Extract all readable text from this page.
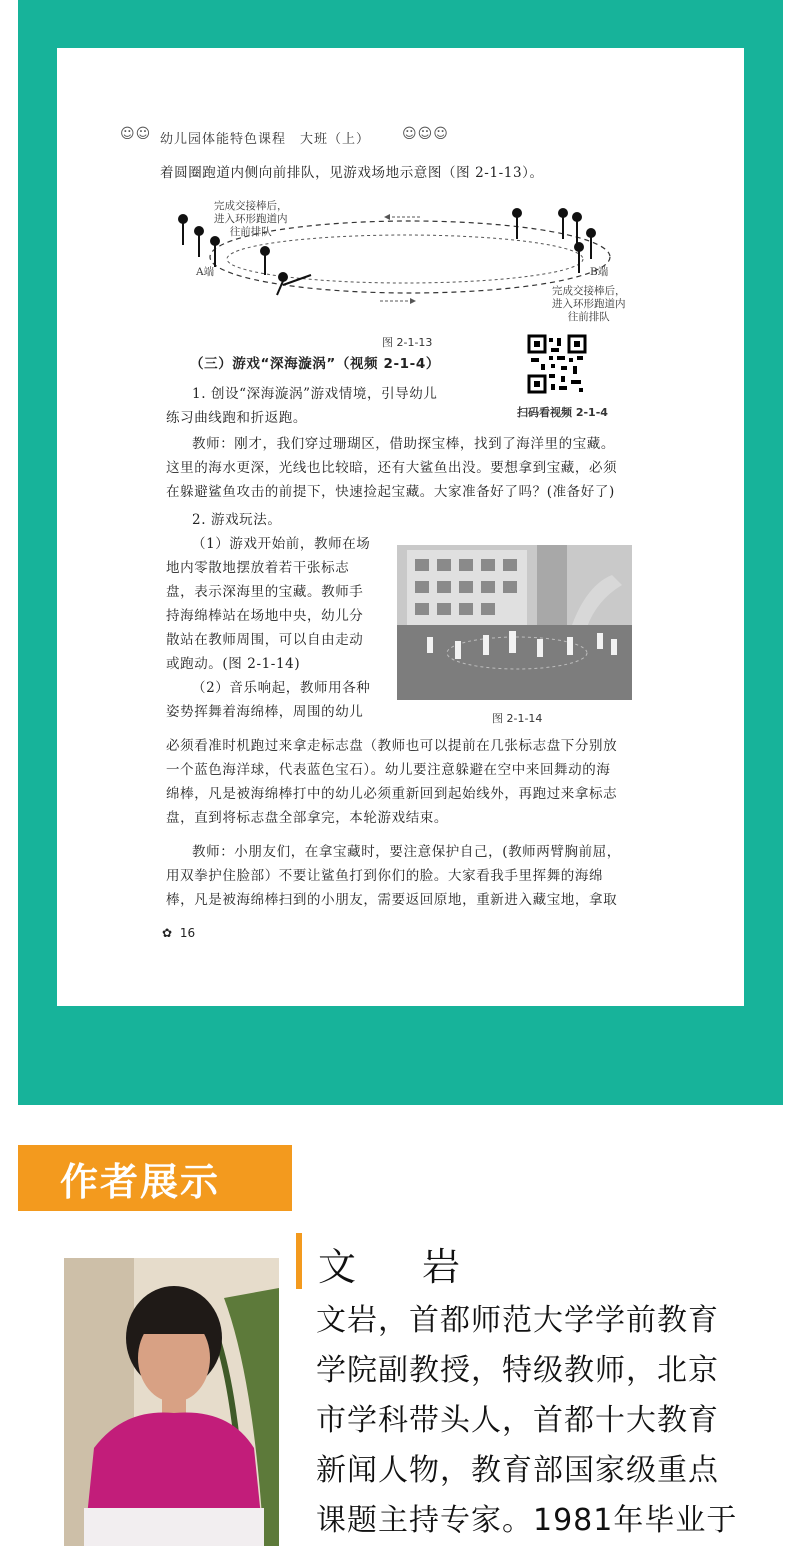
☺☺ 幼儿园体能特色课程　大班（上） ☺☺☺
着圆圈跑道内侧向前排队，见游戏场地示意图（图 2-1-13）。
完成交接棒后，
进入环形跑道内
往前排队
A端	B端
完成交接棒后，
进入环形跑道内
往前排队
图 2-1-13
（三）游戏“深海漩涡”（视频 2-1-4）
扫码看视频 2-1-4
1. 创设“深海漩涡”游戏情境，引导幼儿
练习曲线跑和折返跑。
教师：刚才，我们穿过珊瑚区，借助探宝棒，找到了海洋里的宝藏。
这里的海水更深，光线也比较暗，还有大鲨鱼出没。要想拿到宝藏，必须
在躲避鲨鱼攻击的前提下，快速捡起宝藏。大家准备好了吗？(准备好了)
2. 游戏玩法。
（1）游戏开始前，教师在场
地内零散地摆放着若干张标志
盘，表示深海里的宝藏。教师手
持海绵棒站在场地中央，幼儿分
散站在教师周围，可以自由走动
或跑动。(图 2-1-14)
（2）音乐响起，教师用各种
姿势挥舞着海绵棒，周围的幼儿	图 2-1-14
必须看准时机跑过来拿走标志盘（教师也可以提前在几张标志盘下分别放
一个蓝色海洋球，代表蓝色宝石）。幼儿要注意躲避在空中来回舞动的海
绵棒，凡是被海绵棒打中的幼儿必须重新回到起始线外，再跑过来拿标志
盘，直到将标志盘全部拿完，本轮游戏结束。
教师：小朋友们，在拿宝藏时，要注意保护自己，(教师两臂胸前屈，
用双拳护住脸部）不要让鲨鱼打到你们的脸。大家看我手里挥舞的海绵
棒，凡是被海绵棒扫到的小朋友，需要返回原地，重新进入藏宝地，拿取
✿ 16
作者展示
文　岩
文岩，首都师范大学学前教育
学院副教授，特级教师，北京
市学科带头人，首都十大教育
新闻人物，教育部国家级重点
课题主持专家。1981年毕业于
